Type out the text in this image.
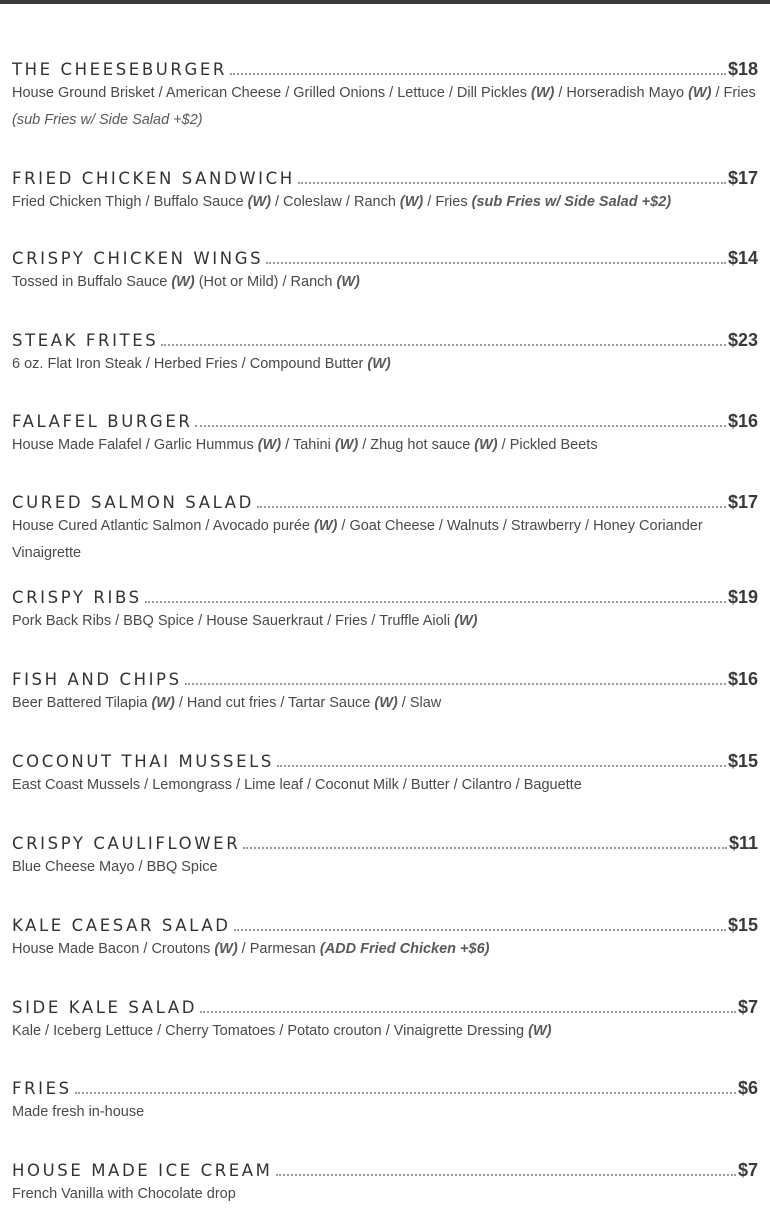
THE CHEESEBURGER	$18
House Ground Brisket / American Cheese / Grilled Onions / Lettuce / Dill Pickles (W) / Horseradish Mayo (W) / Fries (sub Fries w/ Side Salad +$2)
FRIED CHICKEN SANDWICH	$17
Fried Chicken Thigh / Buffalo Sauce (W) / Coleslaw / Ranch (W) / Fries (sub Fries w/ Side Salad +$2)
CRISPY CHICKEN WINGS	$14
Tossed in Buffalo Sauce (W) (Hot or Mild) / Ranch (W)
STEAK FRITES	$23
6 oz. Flat Iron Steak / Herbed Fries / Compound Butter (W)
FALAFEL BURGER	$16
House Made Falafel / Garlic Hummus (W) / Tahini (W) / Zhug hot sauce (W) / Pickled Beets
CURED SALMON SALAD	$17
House Cured Atlantic Salmon / Avocado purée (W) / Goat Cheese / Walnuts / Strawberry / Honey Coriander Vinaigrette
CRISPY RIBS	$19
Pork Back Ribs / BBQ Spice / House Sauerkraut / Fries / Truffle Aioli (W)
FISH AND CHIPS	$16
Beer Battered Tilapia (W) / Hand cut fries / Tartar Sauce (W) / Slaw
COCONUT THAI MUSSELS	$15
East Coast Mussels / Lemongrass / Lime leaf / Coconut Milk / Butter / Cilantro / Baguette
CRISPY CAULIFLOWER	$11
Blue Cheese Mayo / BBQ Spice
KALE CAESAR SALAD	$15
House Made Bacon / Croutons (W) / Parmesan (ADD Fried Chicken +$6)
SIDE KALE SALAD	$7
Kale / Iceberg Lettuce / Cherry Tomatoes / Potato crouton / Vinaigrette Dressing (W)
FRIES	$6
Made fresh in-house
HOUSE MADE ICE CREAM	$7
French Vanilla with Chocolate drop
